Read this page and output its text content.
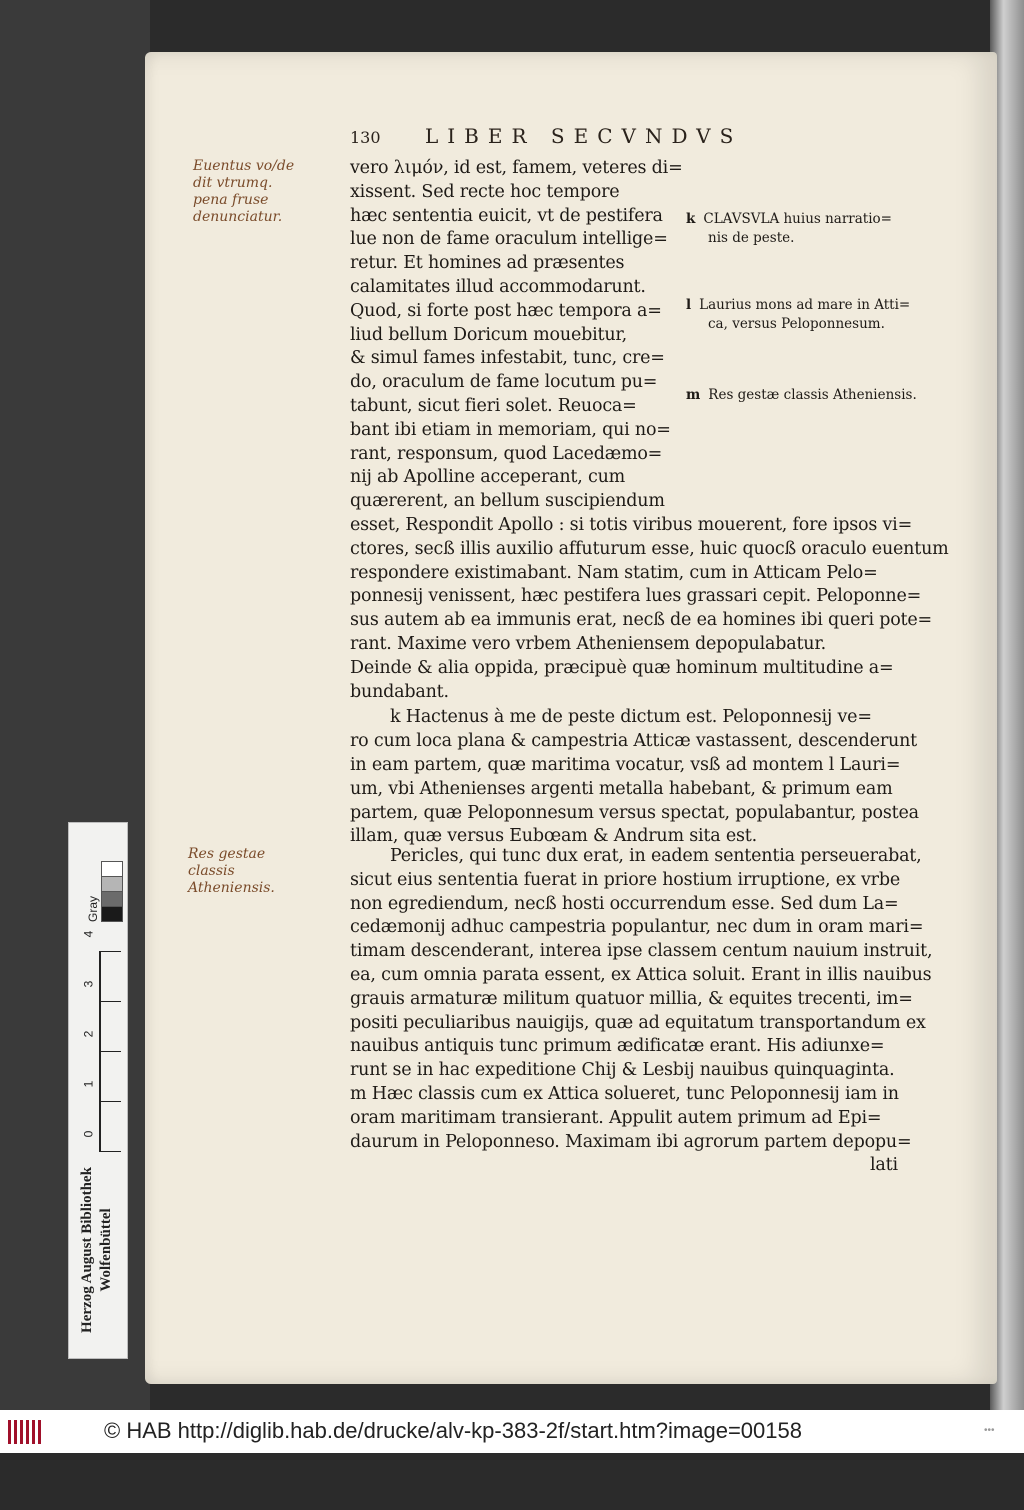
130 LIBER SECVNDVS
vero λιμόν, id est, famem, veteres di=
xissent. Sed recte hoc tempore
hæc sententia euicit, vt de pestifera
lue non de fame oraculum intellige=
retur. Et homines ad præsentes
calamitates illud accommodarunt.
Quod, si forte post hæc tempora a=
liud bellum Doricum mouebitur,
& simul fames infestabit, tunc, cre=
do, oraculum de fame locutum pu=
tabunt, sicut fieri solet. Reuoca=
bant ibi etiam in memoriam, qui no=
rant, responsum, quod Lacedæmo=
nij ab Apolline acceperant, cum
quærerent, an bellum suscipiendum
esset, Respondit Apollo : si totis viribus mouerent, fore ipsos vi=
ctores, secß illis auxilio affuturum esse, huic quocß oraculo euentum
respondere existimabant. Nam statim, cum in Atticam Pelo=
ponnesij venissent, hæc pestifera lues grassari cepit. Peloponne=
sus autem ab ea immunis erat, necß de ea homines ibi queri pote=
rant. Maxime vero vrbem Atheniensem depopulabatur.
Deinde & alia oppida, præcipuè quæ hominum multitudine a=
bundabant.
k Hactenus à me de peste dictum est. Peloponnesij ve=
ro cum loca plana & campestria Atticæ vastassent, descenderunt
in eam partem, quæ maritima vocatur, vsß ad montem l Lauri=
um, vbi Athenienses argenti metalla habebant, & primum eam
partem, quæ Peloponnesum versus spectat, populabantur, postea
illam, quæ versus Eubœam & Andrum sita est.
Pericles, qui tunc dux erat, in eadem sententia perseuerabat,
sicut eius sententia fuerat in priore hostium irruptione, ex vrbe
non egrediendum, necß hosti occurrendum esse. Sed dum La=
cedæmonij adhuc campestria populantur, nec dum in oram mari=
timam descenderant, interea ipse classem centum nauium instruit,
ea, cum omnia parata essent, ex Attica soluit. Erant in illis nauibus
grauis armaturæ militum quatuor millia, & equites trecenti, im=
positi peculiaribus nauigijs, quæ ad equitatum transportandum ex
nauibus antiquis tunc primum ædificatæ erant. His adiunxe=
runt se in hac expeditione Chij & Lesbij nauibus quinquaginta.
m Hæc classis cum ex Attica solueret, tunc Peloponnesij iam in
oram maritimam transierant. Appulit autem primum ad Epi=
daurum in Peloponneso. Maximam ibi agrorum partem depopu=
lati
k CLAVSVLA huius narratio=
nis de peste.
l Laurius mons ad mare in Atti=
ca, versus Peloponnesum.
m Res gestæ classis Atheniensis.

Euentus vo/de
dit vtrumq.
pena fruse
denunciatur.
Res gestae
classis
Atheniensis.
Herzog August Bibliothek Wolfenbüttel
Gray
4
3
2
1
0
© HAB http://diglib.hab.de/drucke/alv-kp-383-2f/start.htm?image=00158	•••
